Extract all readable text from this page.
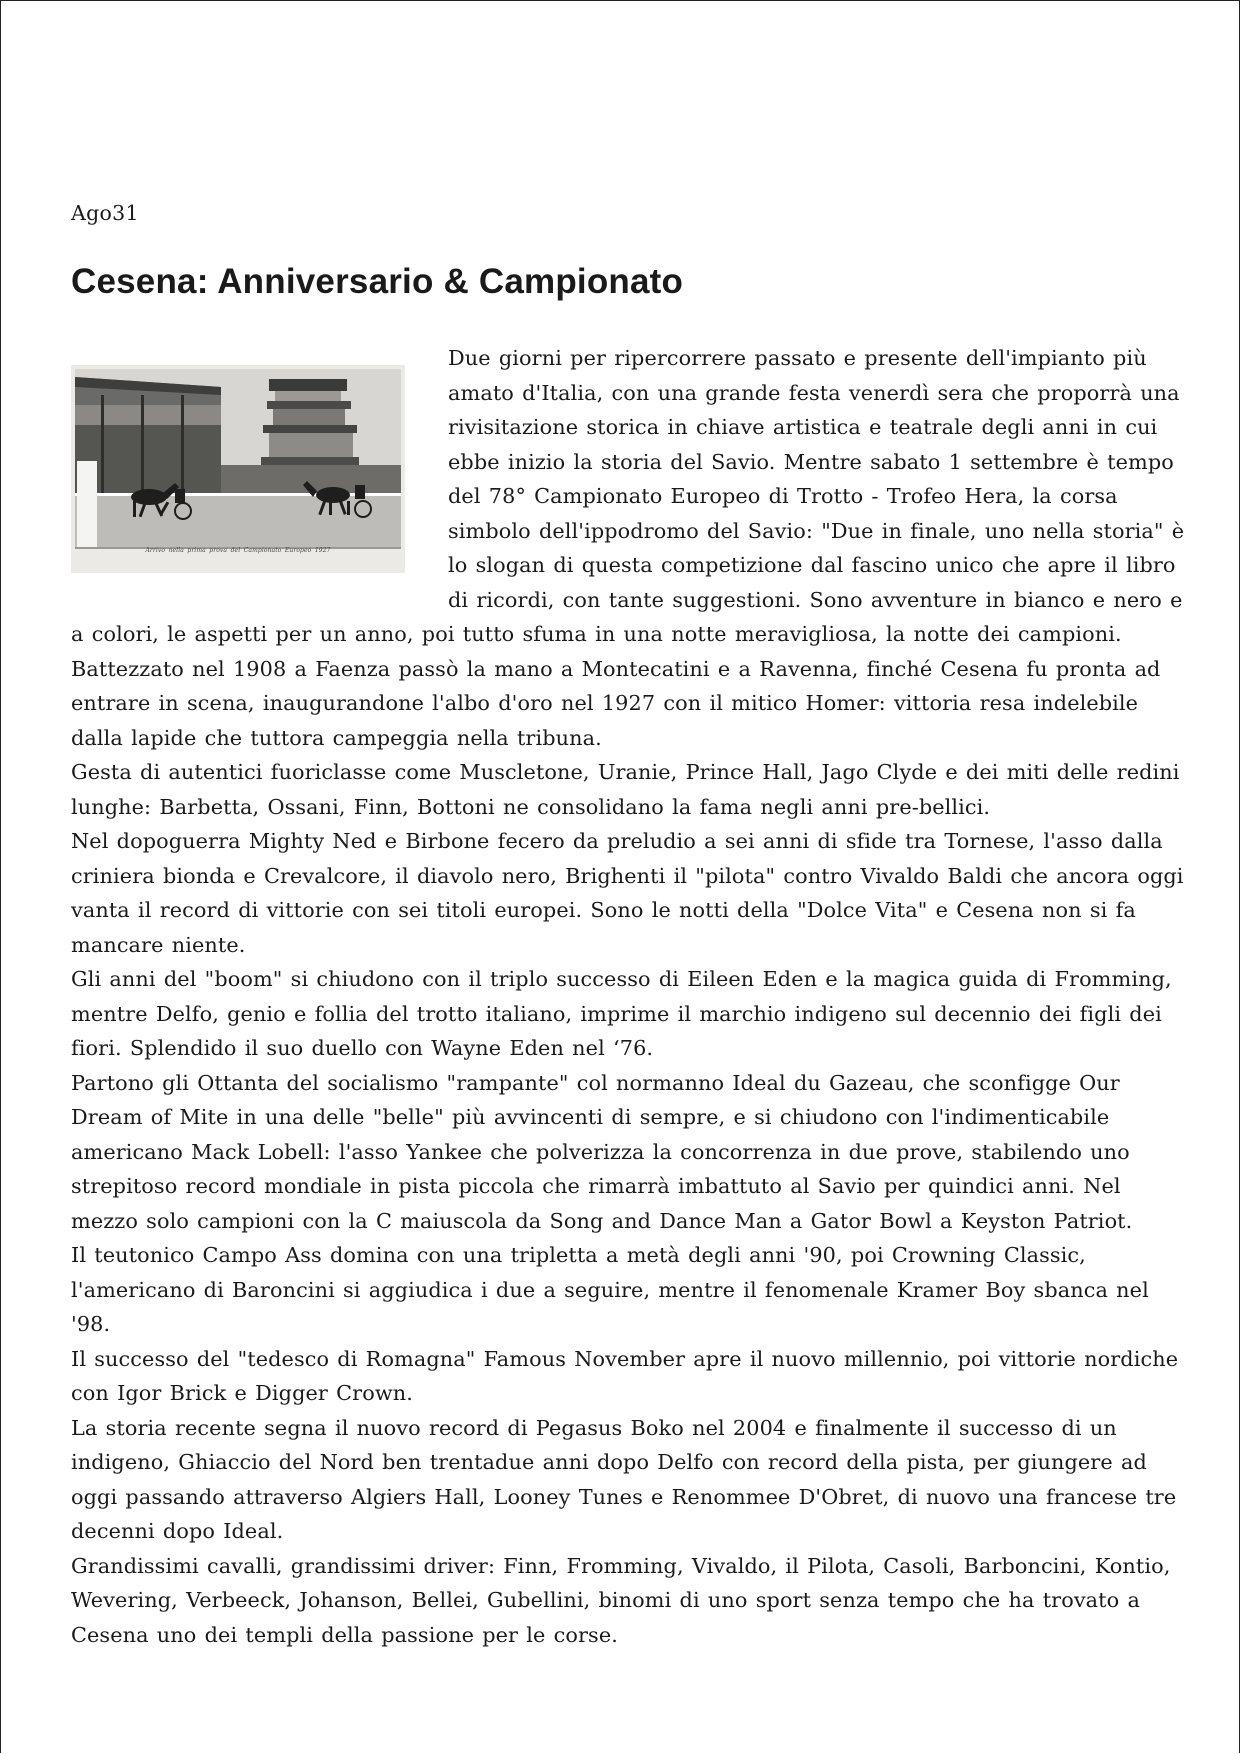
Ago31
Cesena: Anniversario & Campionato
Arrivo nella prima prova del Campionato Europeo 1927

Due giorni per ripercorrere passato e presente dell'impianto più amato d'Italia, con una grande festa venerdì sera che proporrà una rivisitazione storica in chiave artistica e teatrale degli anni in cui ebbe inizio la storia del Savio. Mentre sabato 1 settembre è tempo del 78° Campionato Europeo di Trotto - Trofeo Hera, la corsa simbolo dell'ippodromo del Savio: "Due in finale, uno nella storia" è lo slogan di questa competizione dal fascino unico che apre il libro di ricordi, con tante suggestioni. Sono avventure in bianco e nero e a colori, le aspetti per un anno, poi tutto sfuma in una notte meravigliosa, la notte dei campioni.

Battezzato nel 1908 a Faenza passò la mano a Montecatini e a Ravenna, finché Cesena fu pronta ad entrare in scena, inaugurandone l'albo d'oro nel 1927 con il mitico Homer: vittoria resa indelebile dalla lapide che tuttora campeggia nella tribuna.

Gesta di autentici fuoriclasse come Muscletone, Uranie, Prince Hall, Jago Clyde e dei miti delle redini lunghe: Barbetta, Ossani, Finn, Bottoni ne consolidano la fama negli anni pre-bellici.

Nel dopoguerra Mighty Ned e Birbone fecero da preludio a sei anni di sfide tra Tornese, l'asso dalla criniera bionda e Crevalcore, il diavolo nero, Brighenti il "pilota" contro Vivaldo Baldi che ancora oggi vanta il record di vittorie con sei titoli europei. Sono le notti della "Dolce Vita" e Cesena non si fa mancare niente.

Gli anni del "boom" si chiudono con il triplo successo di Eileen Eden e la magica guida di Fromming, mentre Delfo, genio e follia del trotto italiano, imprime il marchio indigeno sul decennio dei figli dei fiori. Splendido il suo duello con Wayne Eden nel ‘76.

Partono gli Ottanta del socialismo "rampante" col normanno Ideal du Gazeau, che sconfigge Our Dream of Mite in una delle "belle" più avvincenti di sempre, e si chiudono con l'indimenticabile americano Mack Lobell: l'asso Yankee che polverizza la concorrenza in due prove, stabilendo uno strepitoso record mondiale in pista piccola che rimarrà imbattuto al Savio per quindici anni. Nel mezzo solo campioni con la C maiuscola da Song and Dance Man a Gator Bowl a Keyston Patriot.

Il teutonico Campo Ass domina con una tripletta a metà degli anni '90, poi Crowning Classic, l'americano di Baroncini si aggiudica i due a seguire, mentre il fenomenale Kramer Boy sbanca nel '98.

Il successo del "tedesco di Romagna" Famous November apre il nuovo millennio, poi vittorie nordiche con Igor Brick e Digger Crown.

La storia recente segna il nuovo record di Pegasus Boko nel 2004 e finalmente il successo di un indigeno, Ghiaccio del Nord ben trentadue anni dopo Delfo con record della pista, per giungere ad oggi passando attraverso Algiers Hall, Looney Tunes e Renommee D'Obret, di nuovo una francese tre decenni dopo Ideal.

Grandissimi cavalli, grandissimi driver: Finn, Fromming, Vivaldo, il Pilota, Casoli, Barboncini, Kontio, Wevering, Verbeeck, Johanson, Bellei, Gubellini, binomi di uno sport senza tempo che ha trovato a Cesena uno dei templi della passione per le corse.
